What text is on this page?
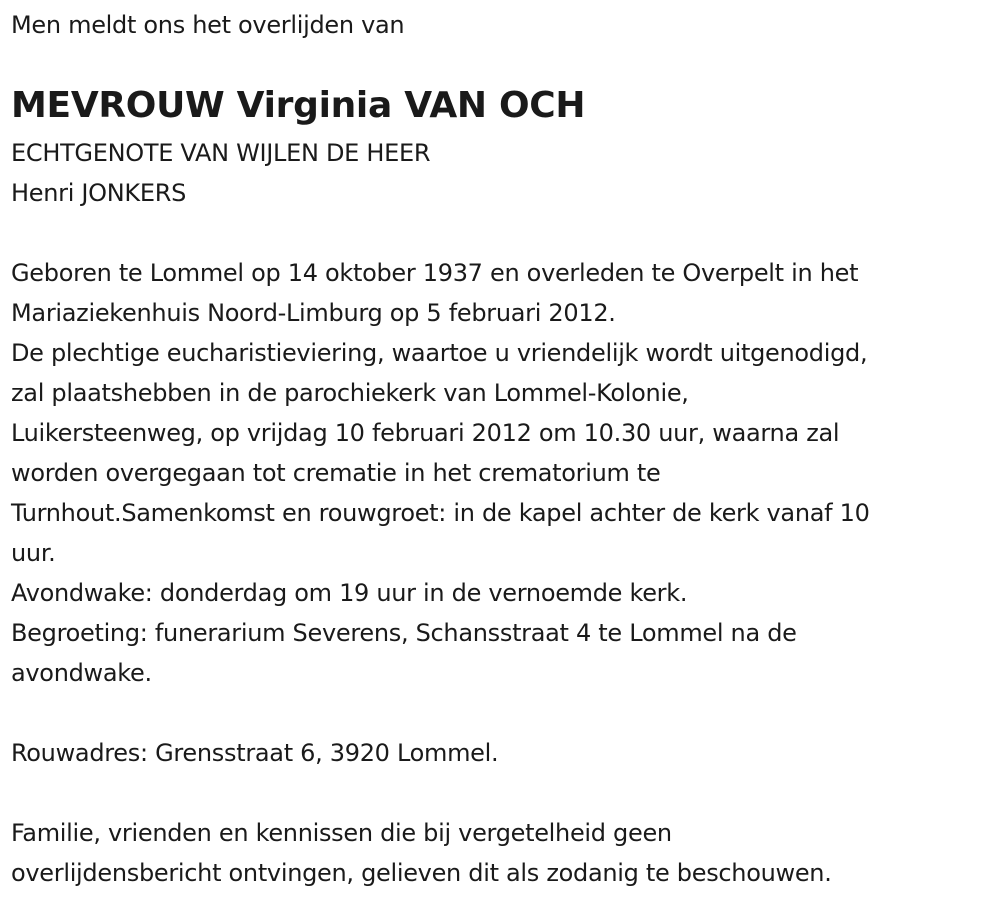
Men meldt ons het overlijden van
MEVROUW Virginia VAN OCH
ECHTGENOTE VAN WIJLEN DE HEER
Henri JONKERS
Geboren te Lommel op 14 oktober 1937 en overleden te Overpelt in het
Mariaziekenhuis Noord-Limburg op 5 februari 2012.
De plechtige eucharistieviering, waartoe u vriendelijk wordt uitgenodigd,
zal plaatshebben in de parochiekerk van Lommel-Kolonie,
Luikersteenweg, op vrijdag 10 februari 2012 om 10.30 uur, waarna zal
worden overgegaan tot crematie in het crematorium te
Turnhout.Samenkomst en rouwgroet: in de kapel achter de kerk vanaf 10
uur.
Avondwake: donderdag om 19 uur in de vernoemde kerk.
Begroeting: funerarium Severens, Schansstraat 4 te Lommel na de
avondwake.
Rouwadres: Grensstraat 6, 3920 Lommel.
Familie, vrienden en kennissen die bij vergetelheid geen
overlijdensbericht ontvingen, gelieven dit als zodanig te beschouwen.
